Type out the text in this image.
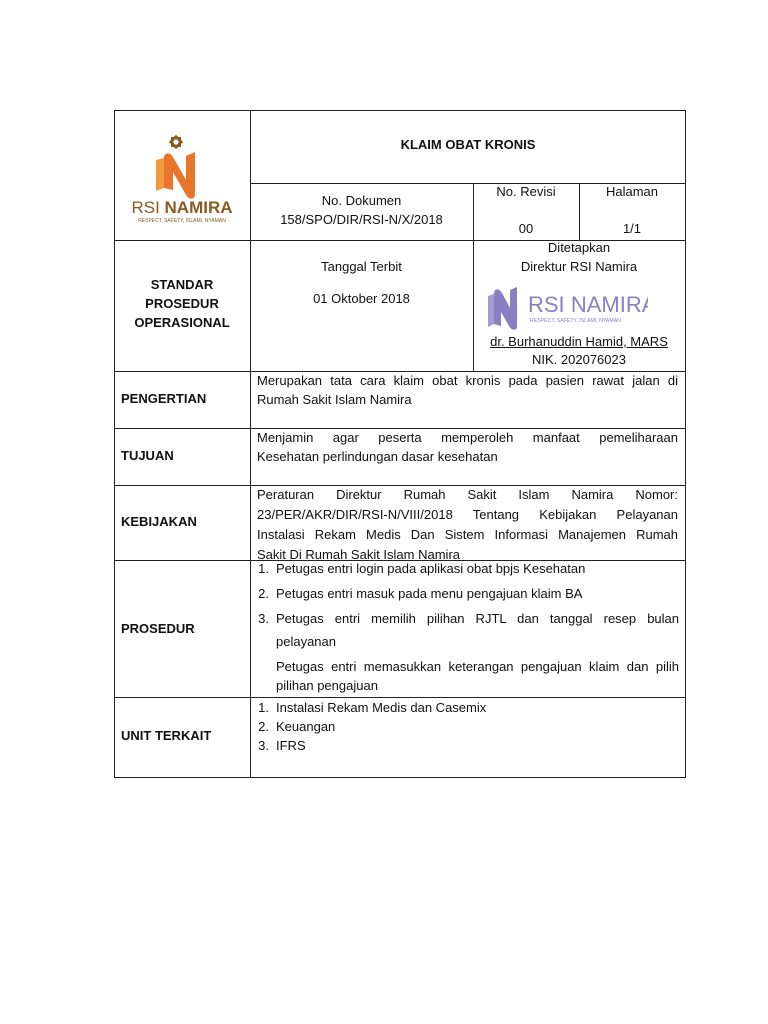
RSI NAMIRA
RESPECT, SAFETY, ISLAMI, NYAMAN
KLAIM OBAT KRONIS
No. Dokumen
158/SPO/DIR/RSI-N/X/2018
No. Revisi
00
Halaman
1/1
STANDAR
PROSEDUR
OPERASIONAL
Tanggal Terbit
01 Oktober 2018
Ditetapkan
Direktur RSI Namira
RSI NAMIRA
RESPECT, SAFETY, ISLAMI, NYAMAN
dr. Burhanuddin Hamid, MARS
NIK. 202076023
PENGERTIAN
Merupakan tata cara klaim obat kronis pada pasien rawat jalan di
Rumah Sakit Islam Namira
TUJUAN
Menjamin agar peserta memperoleh manfaat pemeliharaan
Kesehatan perlindungan dasar kesehatan
KEBIJAKAN
Peraturan Direktur Rumah Sakit Islam Namira Nomor:
23/PER/AKR/DIR/RSI-N/VIII/2018 Tentang Kebijakan Pelayanan
Instalasi Rekam Medis Dan Sistem Informasi Manajemen Rumah
Sakit Di Rumah Sakit Islam Namira
PROSEDUR
1. Petugas entri login pada aplikasi obat bpjs Kesehatan
2. Petugas entri masuk pada menu pengajuan klaim BA
3. Petugas entri memilih pilihan RJTL dan tanggal resep bulan
pelayanan
Petugas entri memasukkan keterangan pengajuan klaim dan pilih
pilihan pengajuan
UNIT TERKAIT
1. Instalasi Rekam Medis dan Casemix
2. Keuangan
3. IFRS
